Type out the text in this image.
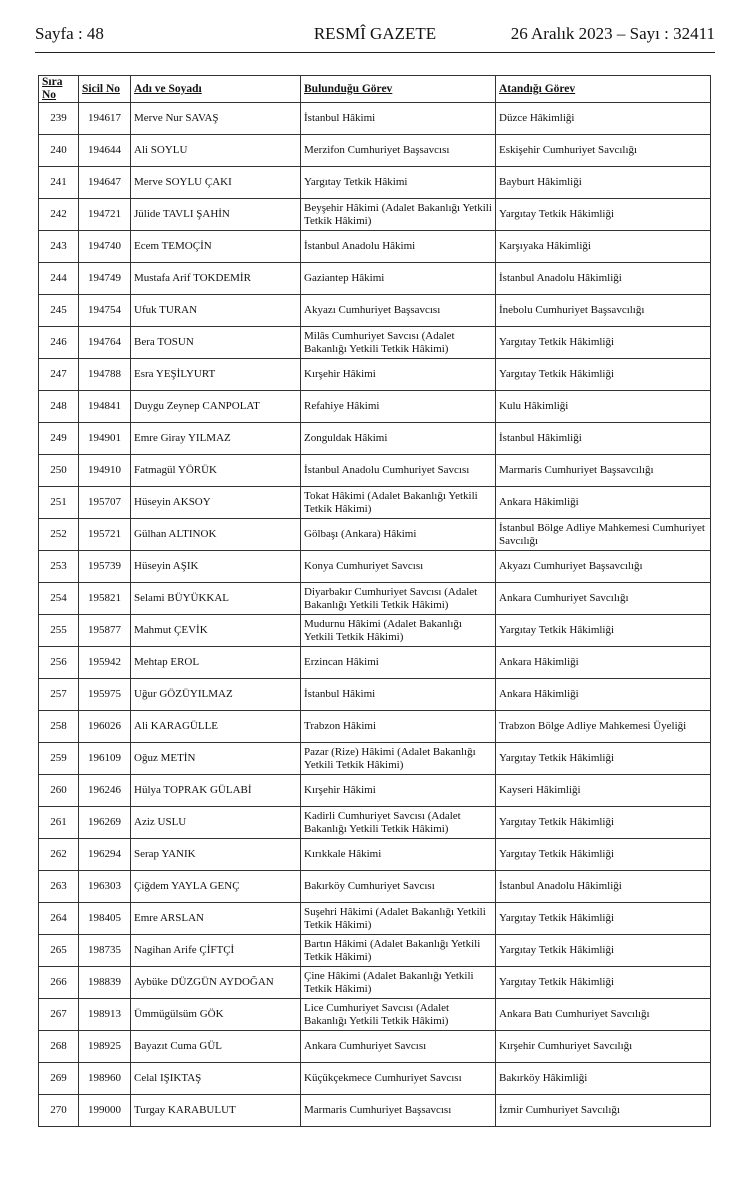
Sayfa : 48	RESMÎ GAZETE	26 Aralık 2023 – Sayı : 32411
Sıra No	Sicil No	Adı ve Soyadı	Bulunduğu Görev	Atandığı Görev
239	194617	Merve Nur SAVAŞ	İstanbul Hâkimi	Düzce Hâkimliği
240	194644	Ali SOYLU	Merzifon Cumhuriyet Başsavcısı	Eskişehir Cumhuriyet Savcılığı
241	194647	Merve SOYLU ÇAKI	Yargıtay Tetkik Hâkimi	Bayburt Hâkimliği
242	194721	Jülide TAVLI ŞAHİN	Beyşehir Hâkimi (Adalet Bakanlığı Yetkili Tetkik Hâkimi)	Yargıtay Tetkik Hâkimliği
243	194740	Ecem TEMOÇİN	İstanbul Anadolu Hâkimi	Karşıyaka Hâkimliği
244	194749	Mustafa Arif TOKDEMİR	Gaziantep Hâkimi	İstanbul Anadolu Hâkimliği
245	194754	Ufuk TURAN	Akyazı Cumhuriyet Başsavcısı	İnebolu Cumhuriyet Başsavcılığı
246	194764	Bera TOSUN	Milâs Cumhuriyet Savcısı (Adalet Bakanlığı Yetkili Tetkik Hâkimi)	Yargıtay Tetkik Hâkimliği
247	194788	Esra YEŞİLYURT	Kırşehir Hâkimi	Yargıtay Tetkik Hâkimliği
248	194841	Duygu Zeynep CANPOLAT	Refahiye Hâkimi	Kulu Hâkimliği
249	194901	Emre Giray YILMAZ	Zonguldak Hâkimi	İstanbul Hâkimliği
250	194910	Fatmagül YÖRÜK	İstanbul Anadolu Cumhuriyet Savcısı	Marmaris Cumhuriyet Başsavcılığı
251	195707	Hüseyin AKSOY	Tokat Hâkimi (Adalet Bakanlığı Yetkili Tetkik Hâkimi)	Ankara Hâkimliği
252	195721	Gülhan ALTINOK	Gölbaşı (Ankara) Hâkimi	İstanbul Bölge Adliye Mahkemesi Cumhuriyet Savcılığı
253	195739	Hüseyin AŞIK	Konya Cumhuriyet Savcısı	Akyazı Cumhuriyet Başsavcılığı
254	195821	Selami BÜYÜKKAL	Diyarbakır Cumhuriyet Savcısı (Adalet Bakanlığı Yetkili Tetkik Hâkimi)	Ankara Cumhuriyet Savcılığı
255	195877	Mahmut ÇEVİK	Mudurnu Hâkimi (Adalet Bakanlığı Yetkili Tetkik Hâkimi)	Yargıtay Tetkik Hâkimliği
256	195942	Mehtap EROL	Erzincan Hâkimi	Ankara Hâkimliği
257	195975	Uğur GÖZÜYILMAZ	İstanbul Hâkimi	Ankara Hâkimliği
258	196026	Ali KARAGÜLLE	Trabzon Hâkimi	Trabzon Bölge Adliye Mahkemesi Üyeliği
259	196109	Oğuz METİN	Pazar (Rize) Hâkimi (Adalet Bakanlığı Yetkili Tetkik Hâkimi)	Yargıtay Tetkik Hâkimliği
260	196246	Hülya TOPRAK GÜLABİ	Kırşehir Hâkimi	Kayseri Hâkimliği
261	196269	Aziz USLU	Kadirli Cumhuriyet Savcısı (Adalet Bakanlığı Yetkili Tetkik Hâkimi)	Yargıtay Tetkik Hâkimliği
262	196294	Serap YANIK	Kırıkkale Hâkimi	Yargıtay Tetkik Hâkimliği
263	196303	Çiğdem YAYLA GENÇ	Bakırköy Cumhuriyet Savcısı	İstanbul Anadolu Hâkimliği
264	198405	Emre ARSLAN	Suşehri Hâkimi (Adalet Bakanlığı Yetkili Tetkik Hâkimi)	Yargıtay Tetkik Hâkimliği
265	198735	Nagihan Arife ÇİFTÇİ	Bartın Hâkimi (Adalet Bakanlığı Yetkili Tetkik Hâkimi)	Yargıtay Tetkik Hâkimliği
266	198839	Aybüke DÜZGÜN AYDOĞAN	Çine Hâkimi (Adalet Bakanlığı Yetkili Tetkik Hâkimi)	Yargıtay Tetkik Hâkimliği
267	198913	Ümmügülsüm GÖK	Lice Cumhuriyet Savcısı (Adalet Bakanlığı Yetkili Tetkik Hâkimi)	Ankara Batı Cumhuriyet Savcılığı
268	198925	Bayazıt Cuma GÜL	Ankara Cumhuriyet Savcısı	Kırşehir Cumhuriyet Savcılığı
269	198960	Celal IŞIKTAŞ	Küçükçekmece Cumhuriyet Savcısı	Bakırköy Hâkimliği
270	199000	Turgay KARABULUT	Marmaris Cumhuriyet Başsavcısı	İzmir Cumhuriyet Savcılığı
